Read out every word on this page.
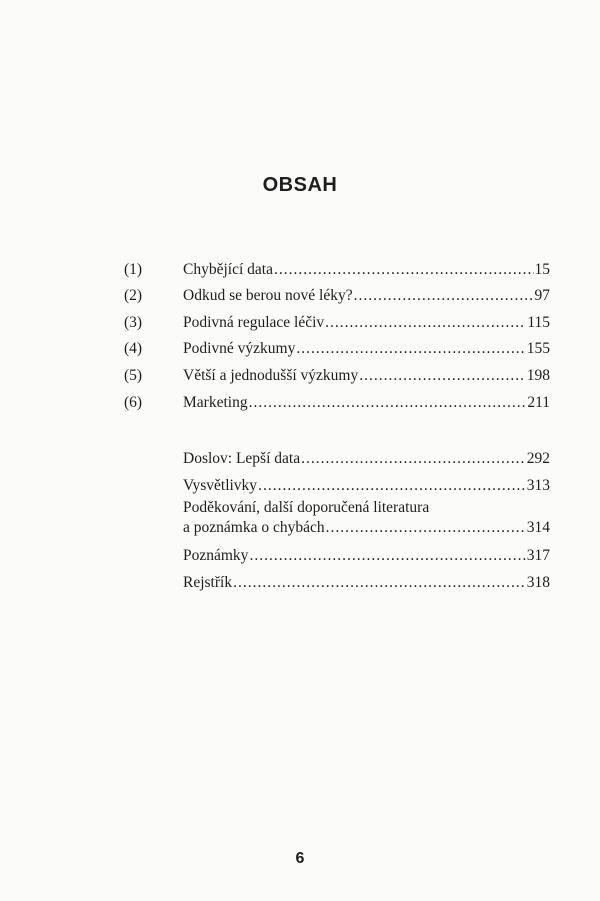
OBSAH
(1)	Chybějící data .....	15
(2)	Odkud se berou nové léky? .....	97
(3)	Podivná regulace léčiv .....	115
(4)	Podivné výzkumy .....	155
(5)	Větší a jednodušší výzkumy .....	198
(6)	Marketing .....	211
Doslov: Lepší data .....	292
Vysvětlivky .....	313
Poděkování, další doporučená literatura
a poznámka o chybách .....	314
Poznámky .....	317
Rejstřík .....	318
6
